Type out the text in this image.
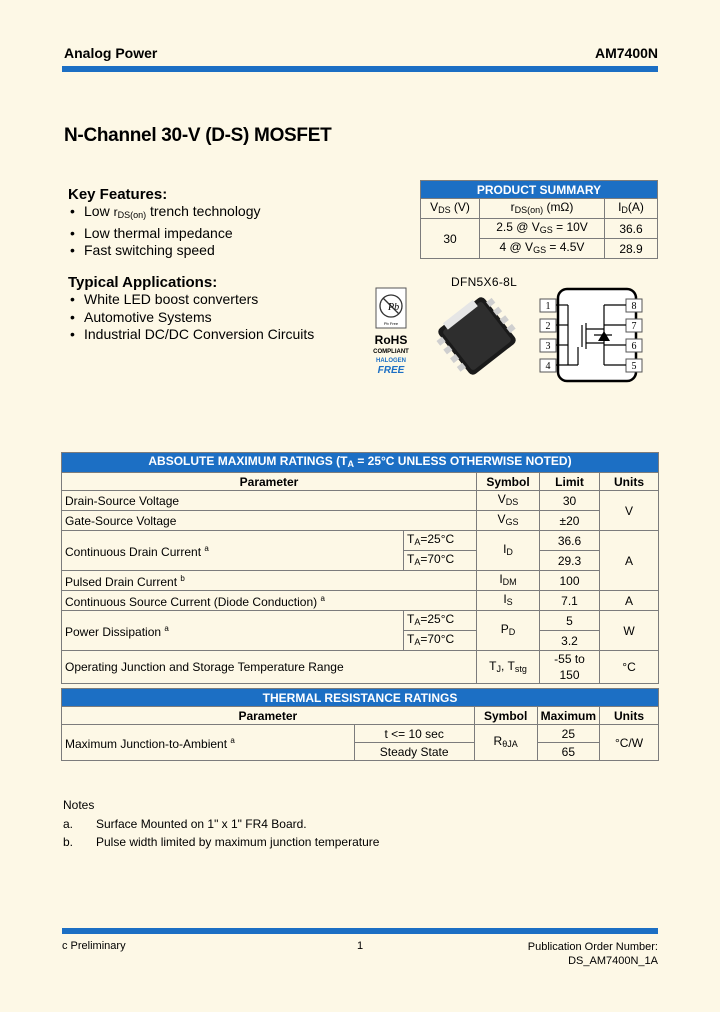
Analog Power	AM7400N
N-Channel 30-V (D-S) MOSFET
Key Features:
• Low $r_{DS(on)}$ trench technology
• Low thermal impedance
• Fast switching speed
Typical Applications:
• White LED boost converters
• Automotive Systems
• Industrial DC/DC Conversion Circuits
PRODUCT SUMMARY		
$V_{DS}$ (V)	$r_{DS(on)}$ (mΩ)	$I_D(A)$
30	2.5 @ $V_{GS} = 10V$	36.6
	4 @ $V_{GS} = 4.5V$	28.9
DFN5X6-8L
Pb
Pb Free
RoHS
COMPLIANT
HALOGEN
FREE
1
2
3
4
8
7
6
5
ABSOLUTE MAXIMUM RATINGS ($T_A = 25^\circ C$ UNLESS OTHERWISE NOTED)				
Parameter		Symbol	Limit	Units
Drain-Source Voltage		$V_{DS}$	30	V
Gate-Source Voltage		$V_{GS}$	±20	
Continuous Drain Current $^a$	$T_A=25^\circ C$	$I_D$	36.6	A
	$T_A=70^\circ C$		29.3	
Pulsed Drain Current $^b$		$I_{DM}$	100	
Continuous Source Current (Diode Conduction) $^a$		$I_S$	7.1	A
Power Dissipation $^a$	$T_A=25^\circ C$	$P_D$	5	W
	$T_A=70^\circ C$		3.2	
Operating Junction and Storage Temperature Range		$T_J$, $T_{stg}$	-55 to 150	°C
THERMAL RESISTANCE RATINGS				
Parameter		Symbol	Maximum	Units
Maximum Junction-to-Ambient $^a$	t <= 10 sec	$R_{\theta JA}$	25	°C/W
	Steady State		65	
Notes
a. Surface Mounted on 1" x 1" FR4 Board.
b. Pulse width limited by maximum junction temperature
c Preliminary	1	Publication Order Number:
DS_AM7400N_1A
